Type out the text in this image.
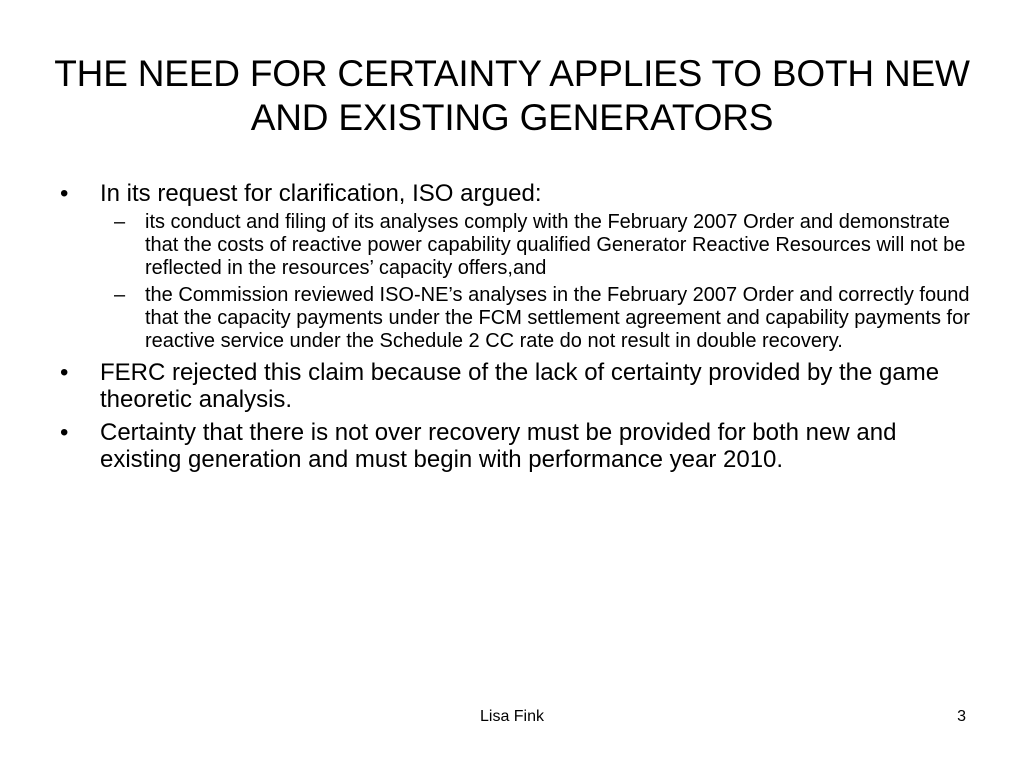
THE NEED FOR CERTAINTY APPLIES TO BOTH NEW AND EXISTING GENERATORS
• In its request for clarification, ISO argued:
– its conduct and filing of its analyses comply with the February 2007 Order and demonstrate that the costs of reactive power capability qualified Generator Reactive Resources will not be reflected in the resources’ capacity offers,and
– the Commission reviewed ISO-NE’s analyses in the February 2007 Order and correctly found that the capacity payments under the FCM settlement agreement and capability payments for reactive service under the Schedule 2 CC rate do not result in double recovery.
• FERC rejected this claim because of the lack of certainty provided by the game theoretic analysis.
• Certainty that there is not over recovery must be provided for both new and existing generation and must begin with performance year 2010.
Lisa Fink	3
